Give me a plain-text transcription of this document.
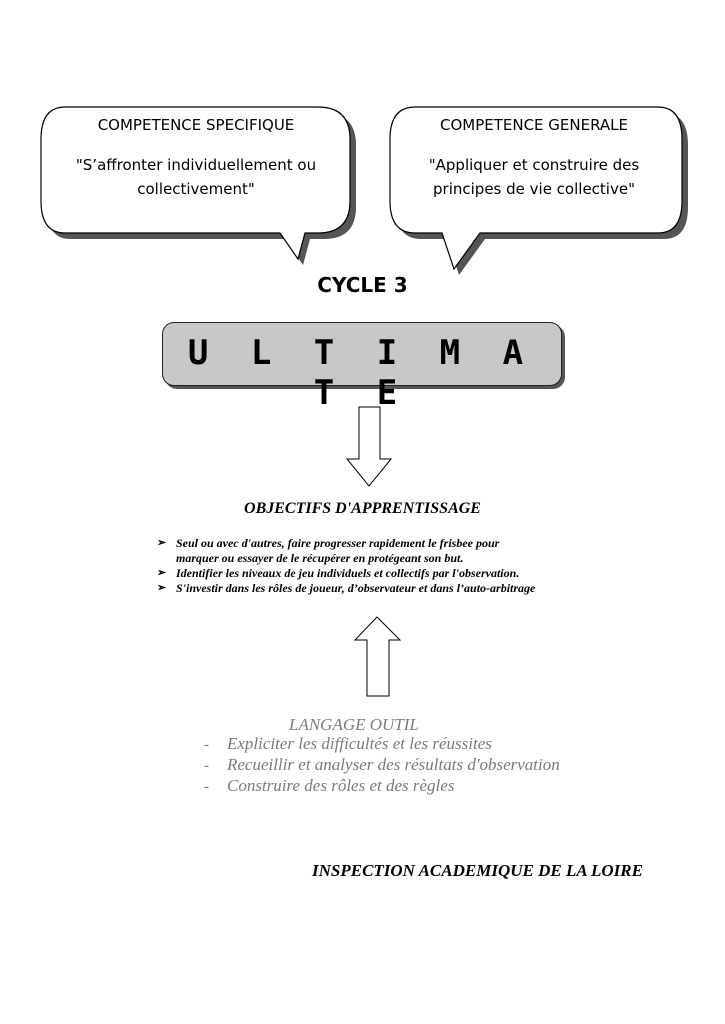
COMPETENCE SPECIFIQUE
"S’affronter individuellement ou
collectivement"
COMPETENCE GENERALE
"Appliquer et construire des
principes de vie collective"
CYCLE 3
U L T I M A T E
OBJECTIFS D'APPRENTISSAGE
➢ Seul ou avec d'autres, faire progresser rapidement le frisbee pour
marquer ou essayer de le récupérer en protégeant son but.
➢ Identifier les niveaux de jeu individuels et collectifs par l'observation.
➢ S'investir dans les rôles de joueur, d’observateur et dans l’auto-arbitrage
LANGAGE OUTIL
- Expliciter les difficultés et les réussites
- Recueillir et analyser des résultats d'observation
- Construire des rôles et des règles
INSPECTION ACADEMIQUE DE LA LOIRE
